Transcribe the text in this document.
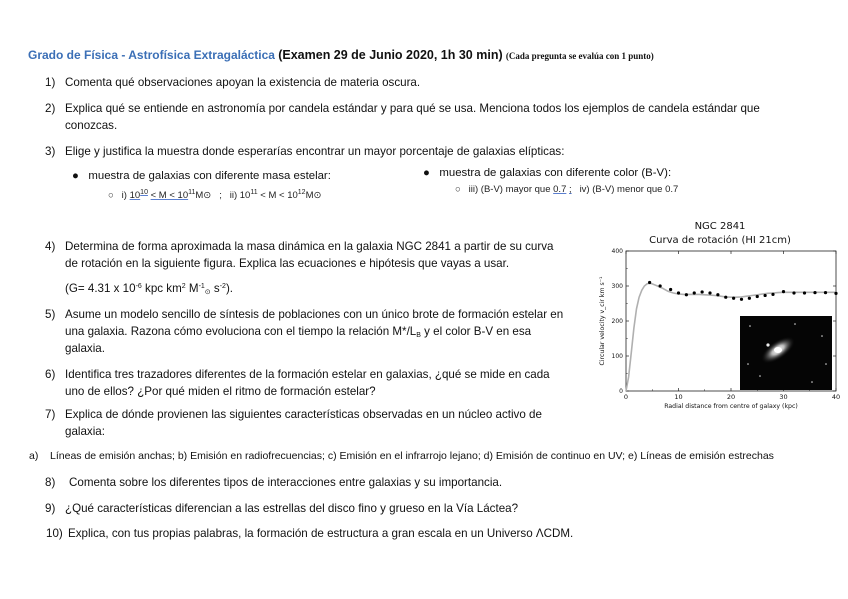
Grado de Física - Astrofísica Extragaláctica (Examen 29 de Junio 2020, 1h 30 min) (Cada pregunta se evalúa con 1 punto)
1) Comenta qué observaciones apoyan la existencia de materia oscura.
2) Explica qué se entiende en astronomía por candela estándar y para qué se usa. Menciona todos los ejemplos de candela estándar que
conozcas.
3) Elige y justifica la muestra donde esperarías encontrar un mayor porcentaje de galaxias elípticas:
● muestra de galaxias con diferente masa estelar:
○ i) $10^{10} < M$ < $10^{11}M⊙$ ; ii) $10^{11} < M$ < $10^{12}M⊙$
● muestra de galaxias con diferente color (B-V):
○ iii) (B-V) mayor que 0.7 ; iv) (B-V) menor que 0.7
4) Determina de forma aproximada la masa dinámica en la galaxia NGC 2841 a partir de su curva
de rotación en la siguiente figura. Explica las ecuaciones e hipótesis que vayas a usar.
(G= 4.31 x $10^{-6}$ kpc $km^2$ $M^{-1}_⊙$ $s^{-2}$).
5) Asume un modelo sencillo de síntesis de poblaciones con un único brote de formación estelar en
una galaxia. Razona cómo evoluciona con el tiempo la relación $M*/L_B$ y el color B-V en esa
galaxia.
6) Identifica tres trazadores diferentes de la formación estelar en galaxias, ¿qué se mide en cada
uno de ellos? ¿Por qué miden el ritmo de formación estelar?
7) Explica de dónde provienen las siguientes características observadas en un núcleo activo de
galaxia:
a) Líneas de emisión anchas; b) Emisión en radiofrecuencias; c) Emisión en el infrarrojo lejano; d) Emisión de continuo en UV; e) Líneas de emisión estrechas
8) Comenta sobre los diferentes tipos de interacciones entre galaxias y su importancia.
9) ¿Qué características diferencian a las estrellas del disco fino y grueso en la Vía Láctea?
10) Explica, con tus propias palabras, la formación de estructura a gran escala en un Universo ΛCDM.
NGC 2841
Curva de rotación (HI 21cm)
0	10	20	30	40
0
100
200
300
400
Radial distance from centre of galaxy (kpc)
Circular velocity v_cir km s⁻¹
